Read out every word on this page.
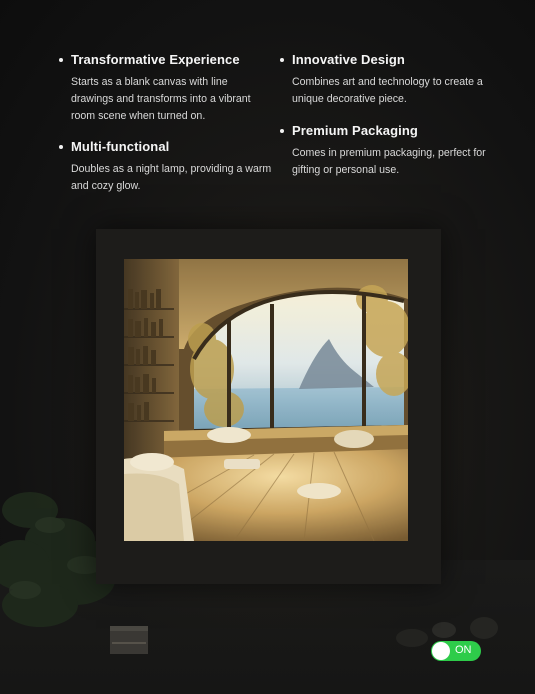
Transformative Experience
Starts as a blank canvas with line drawings and transforms into a vibrant room scene when turned on.
Innovative Design
Combines art and technology to create a unique decorative piece.
Multi-functional
Doubles as a night lamp, providing a warm and cozy glow.
Premium Packaging
Comes in premium packaging, perfect for gifting or personal use.
ON
